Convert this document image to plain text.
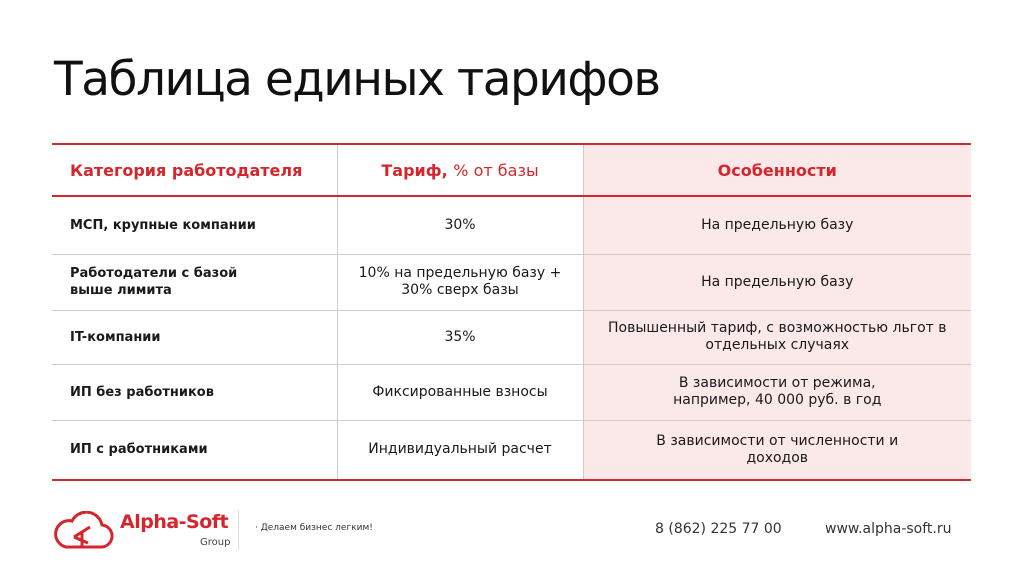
Таблица единых тарифов
Категория работодателя	Тариф, % от базы	Особенности
МСП, крупные компании	30%	На предельную базу
Работодатели с базой выше лимита	10% на предельную базу + 30% сверх базы	На предельную базу
IT-компании	35%	Повышенный тариф, с возможностью льгот в отдельных случаях
ИП без работников	Фиксированные взносы	В зависимости от режима, например, 40 000 руб. в год
ИП с работниками	Индивидуальный расчет	В зависимости от численности и доходов
Alpha-Soft
Group
· Делаем бизнес легким!	8 (862) 225 77 00	www.alpha-soft.ru
